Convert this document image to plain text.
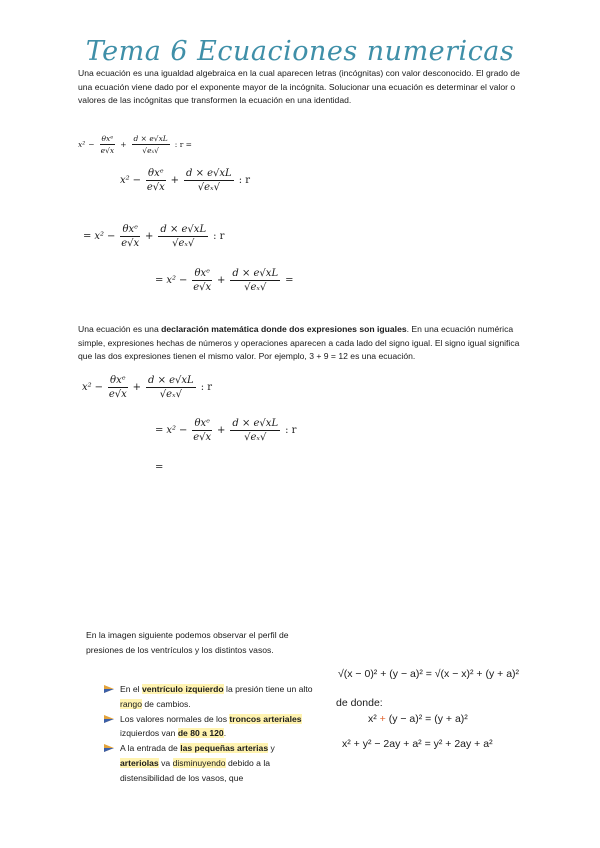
Tema 6 Ecuaciones numericas
Una ecuación es una igualdad algebraica en la cual aparecen letras (incógnitas) con valor desconocido. El grado de una ecuación viene dado por el exponente mayor de la incógnita. Solucionar una ecuación es determinar el valor o valores de las incógnitas que transformen la ecuación en una identidad.
$x^2 - \frac{\text{θxᵉ}}{e√x} + \frac{d \times e√xL}{\text{√eₓ√}}$ : r =
$x^2 - \frac{\text{θxᵉ}}{e√x} + \frac{d \times e√xL}{\text{√eₓ√}}$ : r
= $x^2 - \frac{\text{θxᵉ}}{e√x} + \frac{d \times e√xL}{\text{√eₓ√}}$ : r
= $x^2 - \frac{\text{θxᵉ}}{e√x} + \frac{d \times e√xL}{\text{√eₓ√}}$ =
Una ecuación es una declaración matemática donde dos expresiones son iguales. En una ecuación numérica simple, expresiones hechas de números y operaciones aparecen a cada lado del signo igual. El signo igual significa que las dos expresiones tienen el mismo valor. Por ejemplo, 3 + 9 = 12 es una ecuación.
$x^2 - \frac{\text{θxᵉ}}{e√x} + \frac{d \times e√xL}{\text{√eₓ√}}$ : r
= $x^2 - \frac{\text{θxᵉ}}{e√x} + \frac{d \times e√xL}{\text{√eₓ√}}$ : r
=
En la imagen siguiente podemos observar el perfil de presiones de los ventrículos y los distintos vasos.
En el ventrículo izquierdo la presión tiene un alto rango de cambios.
Los valores normales de los troncos arteriales izquierdos van de 80 a 120.
A la entrada de las pequeñas arterias y arteriolas va disminuyendo debido a la distensibilidad de los vasos, que
√(x − 0)² + (y − a)² = √(x − x)² + (y + a)²
de donde:
x² + (y − a)² = (y + a)²
x² + y² − 2ay + a² = y² + 2ay + a²
